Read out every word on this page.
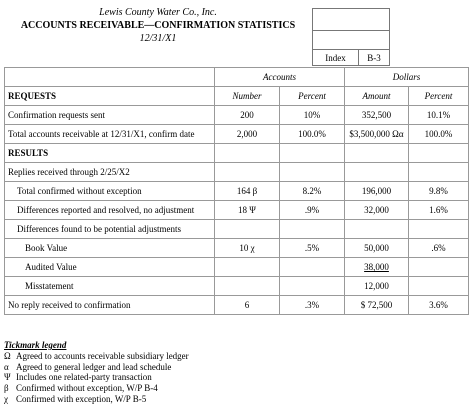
Lewis County Water Co., Inc.
ACCOUNTS RECEIVABLE—CONFIRMATION STATISTICS
12/31/X1

Index	B-3
	Accounts		Dollars	
REQUESTS	Number	Percent	Amount	Percent
Confirmation requests sent	200	10%	352,500	10.1%
Total accounts receivable at 12/31/X1, confirm date	2,000	100.0%	$3,500,000 Ωα	100.0%
RESULTS				
Replies received through 2/25/X2				
Total confirmed without exception	164 β	8.2%	196,000	9.8%
Differences reported and resolved, no adjustment	18 Ψ	.9%	32,000	1.6%
Differences found to be potential adjustments				
Book Value	10 χ	.5%	50,000	.6%
Audited Value			38,000	
Misstatement			12,000	
No reply received to confirmation	6	.3%	$ 72,500	3.6%
Tickmark legend
Ω Agreed to accounts receivable subsidiary ledger
α Agreed to general ledger and lead schedule
Ψ Includes one related-party transaction
β Confirmed without exception, W/P B-4
χ Confirmed with exception, W/P B-5
